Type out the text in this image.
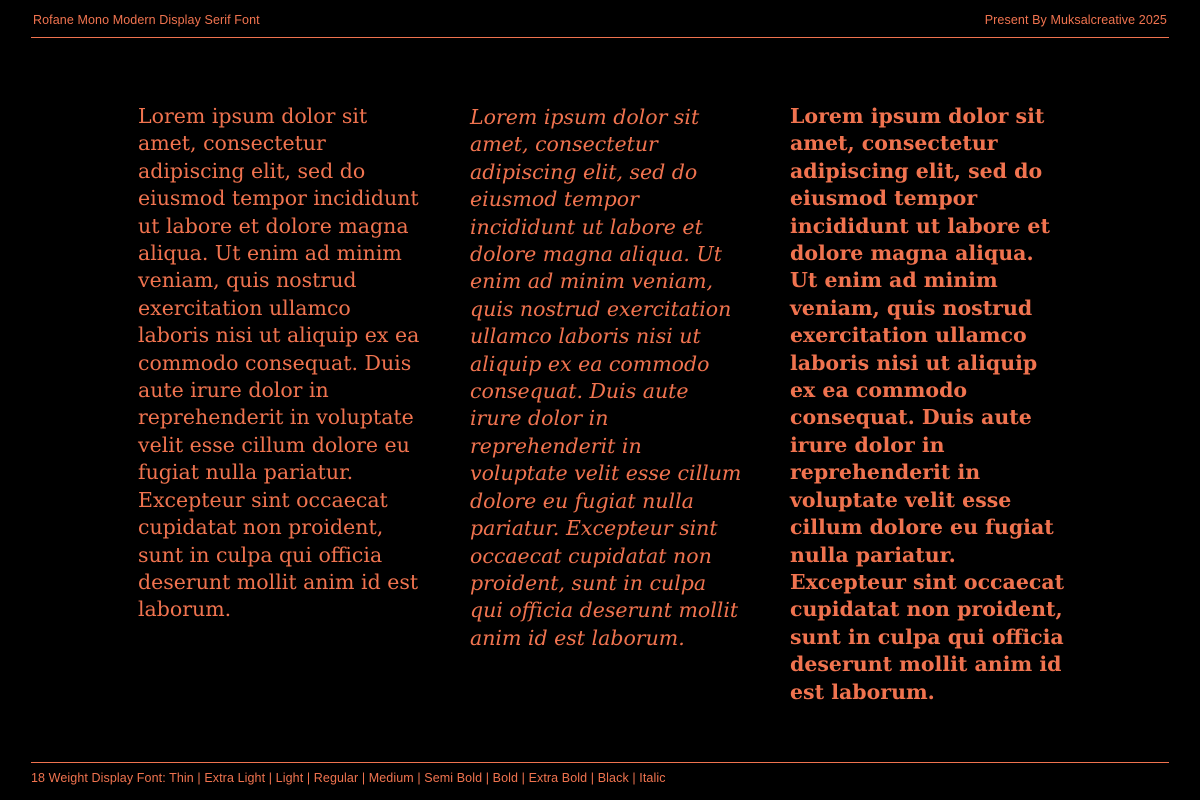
Rofane Mono Modern Display Serif Font	Present By Muksalcreative 2025

Lorem ipsum dolor sit amet, consectetur adipiscing elit, sed do eiusmod tempor incididunt ut labore et dolore magna aliqua. Ut enim ad minim veniam, quis nostrud exercitation ullamco laboris nisi ut aliquip ex ea commodo consequat. Duis aute irure dolor in reprehenderit in voluptate velit esse cillum dolore eu fugiat nulla pariatur. Excepteur sint occaecat cupidatat non proident, sunt in culpa qui officia deserunt mollit anim id est laborum.

Lorem ipsum dolor sit amet, consectetur adipiscing elit, sed do eiusmod tempor incididunt ut labore et dolore magna aliqua. Ut enim ad minim veniam, quis nostrud exercitation ullamco laboris nisi ut aliquip ex ea commodo consequat. Duis aute irure dolor in reprehenderit in voluptate velit esse cillum dolore eu fugiat nulla pariatur. Excepteur sint occaecat cupidatat non proident, sunt in culpa qui officia deserunt mollit anim id est laborum.

Lorem ipsum dolor sit amet, consectetur adipiscing elit, sed do eiusmod tempor incididunt ut labore et dolore magna aliqua. Ut enim ad minim veniam, quis nostrud exercitation ullamco laboris nisi ut aliquip ex ea commodo consequat. Duis aute irure dolor in reprehenderit in voluptate velit esse cillum dolore eu fugiat nulla pariatur. Excepteur sint occaecat cupidatat non proident, sunt in culpa qui officia deserunt mollit anim id est laborum.

18 Weight Display Font: Thin | Extra Light | Light | Regular | Medium | Semi Bold | Bold | Extra Bold | Black | Italic
